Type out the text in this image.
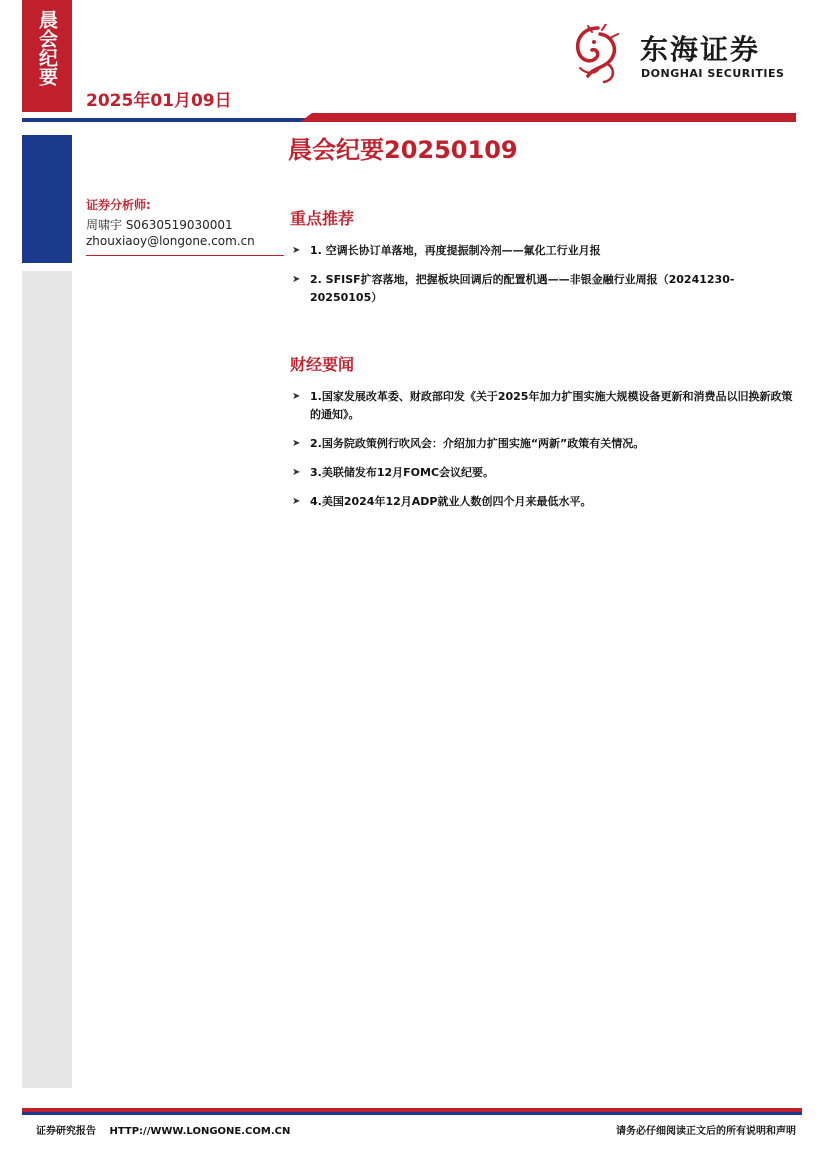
晨会纪要
2025年01月09日
东海证券
DONGHAI SECURITIES
晨会纪要20250109
证券分析师:
周啸宇 S0630519030001
zhouxiaoy@longone.com.cn
重点推荐
➤ 1. 空调长协订单落地，再度提振制冷剂——氟化工行业月报
➤ 2. SFISF扩容落地，把握板块回调后的配置机遇——非银金融行业周报（20241230-20250105）
财经要闻
➤ 1.国家发展改革委、财政部印发《关于2025年加力扩围实施大规模设备更新和消费品以旧换新政策的通知》。
➤ 2.国务院政策例行吹风会：介绍加力扩围实施“两新”政策有关情况。
➤ 3.美联储发布12月FOMC会议纪要。
➤ 4.美国2024年12月ADP就业人数创四个月来最低水平。
证券研究报告 HTTP://WWW.LONGONE.COM.CN	请务必仔细阅读正文后的所有说明和声明
